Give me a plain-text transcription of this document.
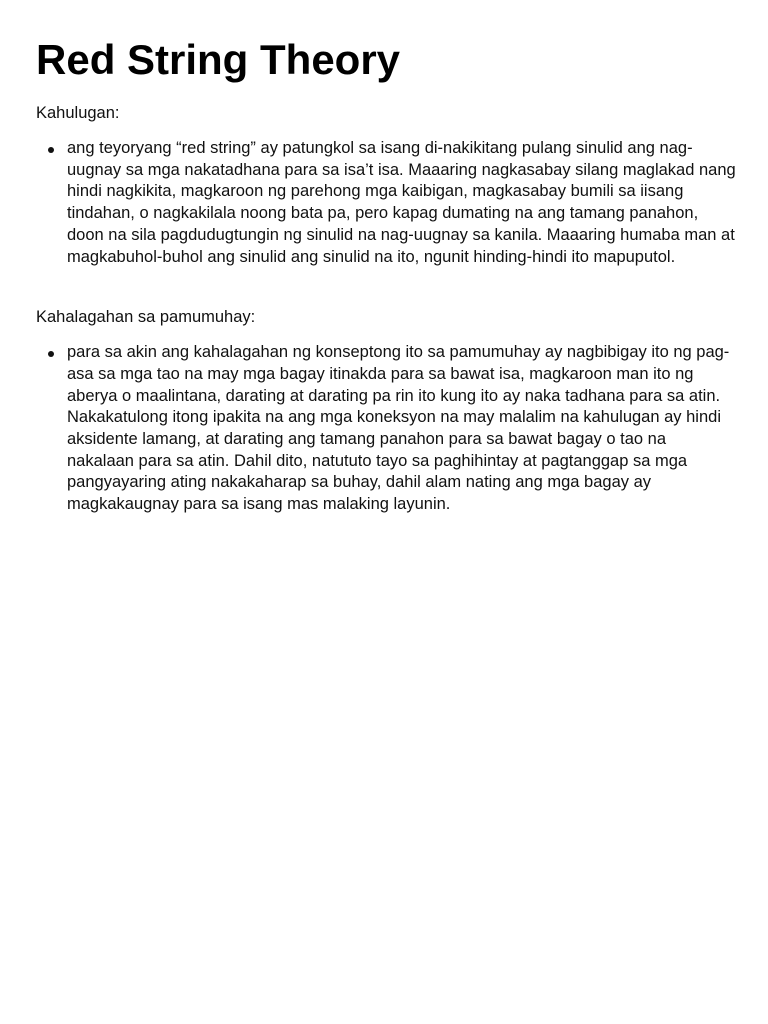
Red String Theory

Kahulugan:

ang teyoryang “red string” ay patungkol sa isang di-nakikitang pulang sinulid ang nag-uugnay sa mga nakatadhana para sa isa’t isa. Maaaring nagkasabay silang maglakad nang hindi nagkikita, magkaroon ng parehong mga kaibigan, magkasabay bumili sa iisang tindahan, o nagkakilala noong bata pa, pero kapag dumating na ang tamang panahon, doon na sila pagdudugtungin ng sinulid na nag-uugnay sa kanila. Maaaring humaba man at magkabuhol-buhol ang sinulid ang sinulid na ito, ngunit hinding-hindi ito mapuputol.

Kahalagahan sa pamumuhay:

para sa akin ang kahalagahan ng konseptong ito sa pamumuhay ay nagbibigay ito ng pag-asa sa mga tao na may mga bagay itinakda para sa bawat isa, magkaroon man ito ng aberya o maalintana, darating at darating pa rin ito kung ito ay naka tadhana para sa atin. Nakakatulong itong ipakita na ang mga koneksyon na may malalim na kahulugan ay hindi aksidente lamang, at darating ang tamang panahon para sa bawat bagay o tao na nakalaan para sa atin. Dahil dito, natututo tayo sa paghihintay at pagtanggap sa mga pangyayaring ating nakakaharap sa buhay, dahil alam nating ang mga bagay ay magkakaugnay para sa isang mas malaking layunin.
